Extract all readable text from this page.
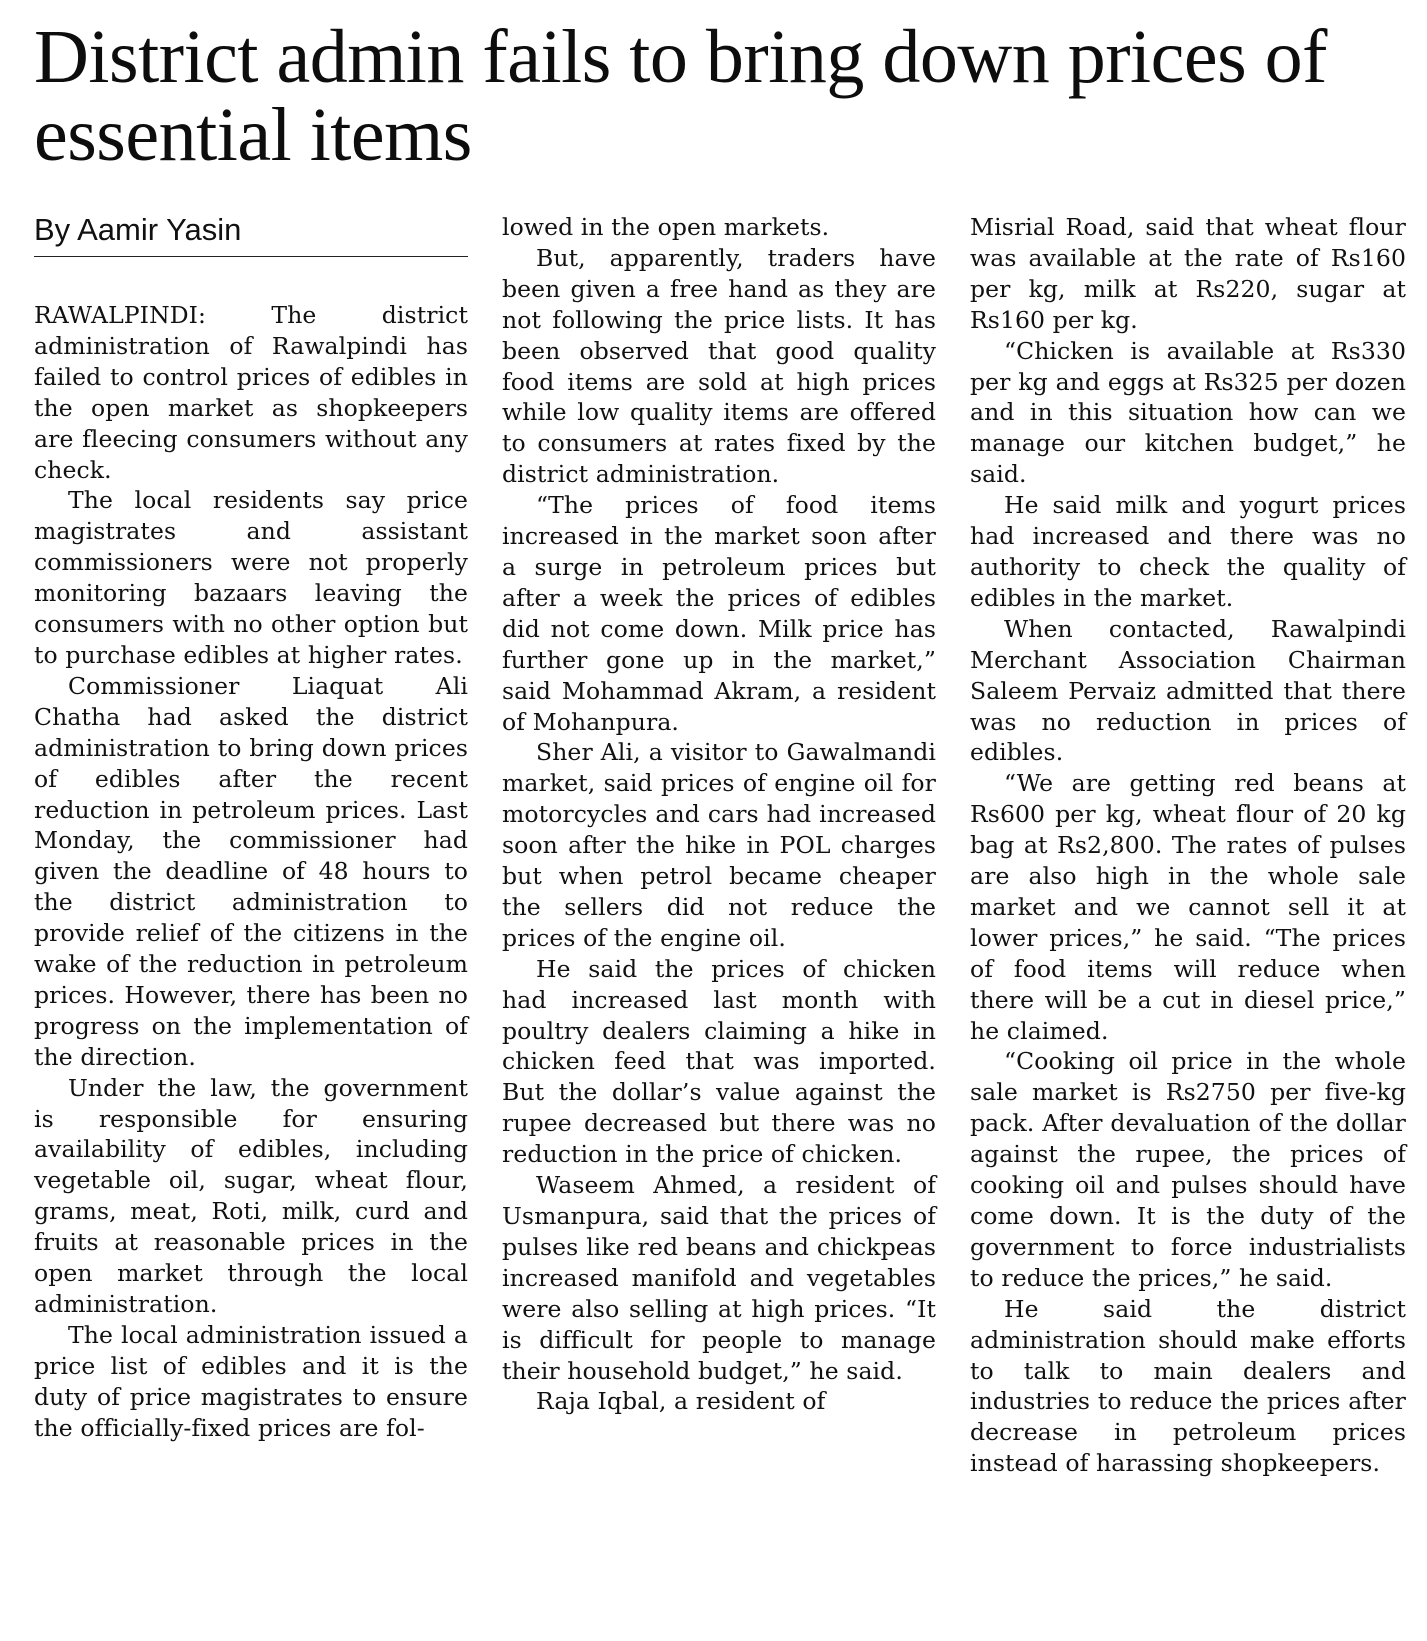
District admin fails to bring down prices of essential items
By Aamir Yasin

RAWALPINDI: The district administration of Rawalpindi has failed to control prices of edibles in the open market as shopkeepers are fleecing consumers without any check.

The local residents say price magistrates and assistant commissioners were not properly monitoring bazaars leaving the consumers with no other option but to purchase edibles at higher rates.

Commissioner Liaquat Ali Chatha had asked the district administration to bring down prices of edibles after the recent reduction in petroleum prices. Last Monday, the commissioner had given the deadline of 48 hours to the district administration to provide relief of the citizens in the wake of the reduction in petroleum prices. However, there has been no progress on the implementation of the direction.

Under the law, the government is responsible for ensuring availability of edibles, including vegetable oil, sugar, wheat flour, grams, meat, Roti, milk, curd and fruits at reasonable prices in the open market through the local administration.

The local administration issued a price list of edibles and it is the duty of price magistrates to ensure the officially-fixed prices are fol-

lowed in the open markets.

But, apparently, traders have been given a free hand as they are not following the price lists. It has been observed that good quality food items are sold at high prices while low quality items are offered to consumers at rates fixed by the district administration.

“The prices of food items increased in the market soon after a surge in petroleum prices but after a week the prices of edibles did not come down. Milk price has further gone up in the market,” said Mohammad Akram, a resident of Mohanpura.

Sher Ali, a visitor to Gawalmandi market, said prices of engine oil for motorcycles and cars had increased soon after the hike in POL charges but when petrol became cheaper the sellers did not reduce the prices of the engine oil.

He said the prices of chicken had increased last month with poultry dealers claiming a hike in chicken feed that was imported. But the dollar’s value against the rupee decreased but there was no reduction in the price of chicken.

Waseem Ahmed, a resident of Usmanpura, said that the prices of pulses like red beans and chickpeas increased manifold and vegetables were also selling at high prices. “It is difficult for people to manage their household budget,” he said.

Raja Iqbal, a resident of

Misrial Road, said that wheat flour was available at the rate of Rs160 per kg, milk at Rs220, sugar at Rs160 per kg.

“Chicken is available at Rs330 per kg and eggs at Rs325 per dozen and in this situation how can we manage our kitchen budget,” he said.

He said milk and yogurt prices had increased and there was no authority to check the quality of edibles in the market.

When contacted, Rawalpindi Merchant Association Chairman Saleem Pervaiz admitted that there was no reduction in prices of edibles.

“We are getting red beans at Rs600 per kg, wheat flour of 20 kg bag at Rs2,800. The rates of pulses are also high in the whole sale market and we cannot sell it at lower prices,” he said. “The prices of food items will reduce when there will be a cut in diesel price,” he claimed.

“Cooking oil price in the whole sale market is Rs2750 per five-kg pack. After devaluation of the dollar against the rupee, the prices of cooking oil and pulses should have come down. It is the duty of the government to force industrialists to reduce the prices,” he said.

He said the district administration should make efforts to talk to main dealers and industries to reduce the prices after decrease in petroleum prices instead of harassing shopkeepers.
